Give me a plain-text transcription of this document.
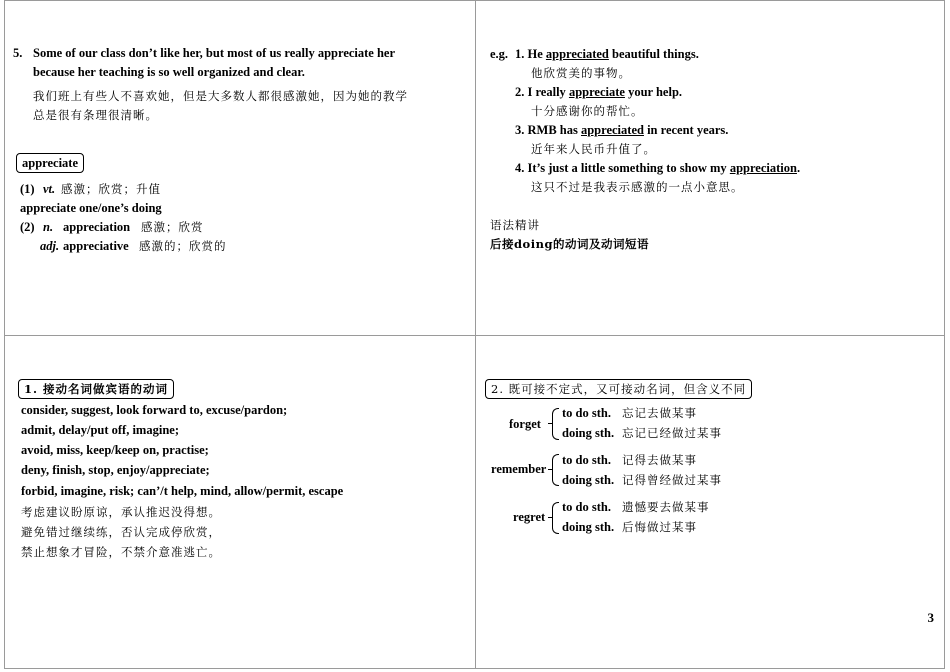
5. Some of our class don’t like her, but most of us really appreciate her
because her teaching is so well organized and clear.
我们班上有些人不喜欢她，但是大多数人都很感激她，因为她的教学
总是很有条理很清晰。
appreciate
(1) vt. 感激；欣赏；升值
appreciate one/one’s doing
(2) n. appreciation 感激；欣赏
adj. appreciative 感激的；欣赏的
e.g. 1. He appreciated beautiful things.
他欣赏美的事物。
2. I really appreciate your help.
十分感谢你的帮忙。
3. RMB has appreciated in recent years.
近年来人民币升值了。
4. It’s just a little something to show my appreciation.
这只不过是我表示感激的一点小意思。
语法精讲
后接doing的动词及动词短语
1. 接动名词做宾语的动词
consider, suggest, look forward to, excuse/pardon;
admit, delay/put off, imagine;
avoid, miss, keep/keep on, practise;
deny, finish, stop, enjoy/appreciate;
forbid, imagine, risk; can’/t help, mind, allow/permit, escape
考虑建议盼原谅，承认推迟没得想。
避免错过继续练，否认完成停欣赏，
禁止想象才冒险，不禁介意准逃亡。
2. 既可接不定式，又可接动名词，但含义不同
forget
to do sth. 忘记去做某事
doing sth. 忘记已经做过某事
remember
to do sth. 记得去做某事
doing sth. 记得曾经做过某事
regret
to do sth. 遗憾要去做某事
doing sth. 后悔做过某事
3
